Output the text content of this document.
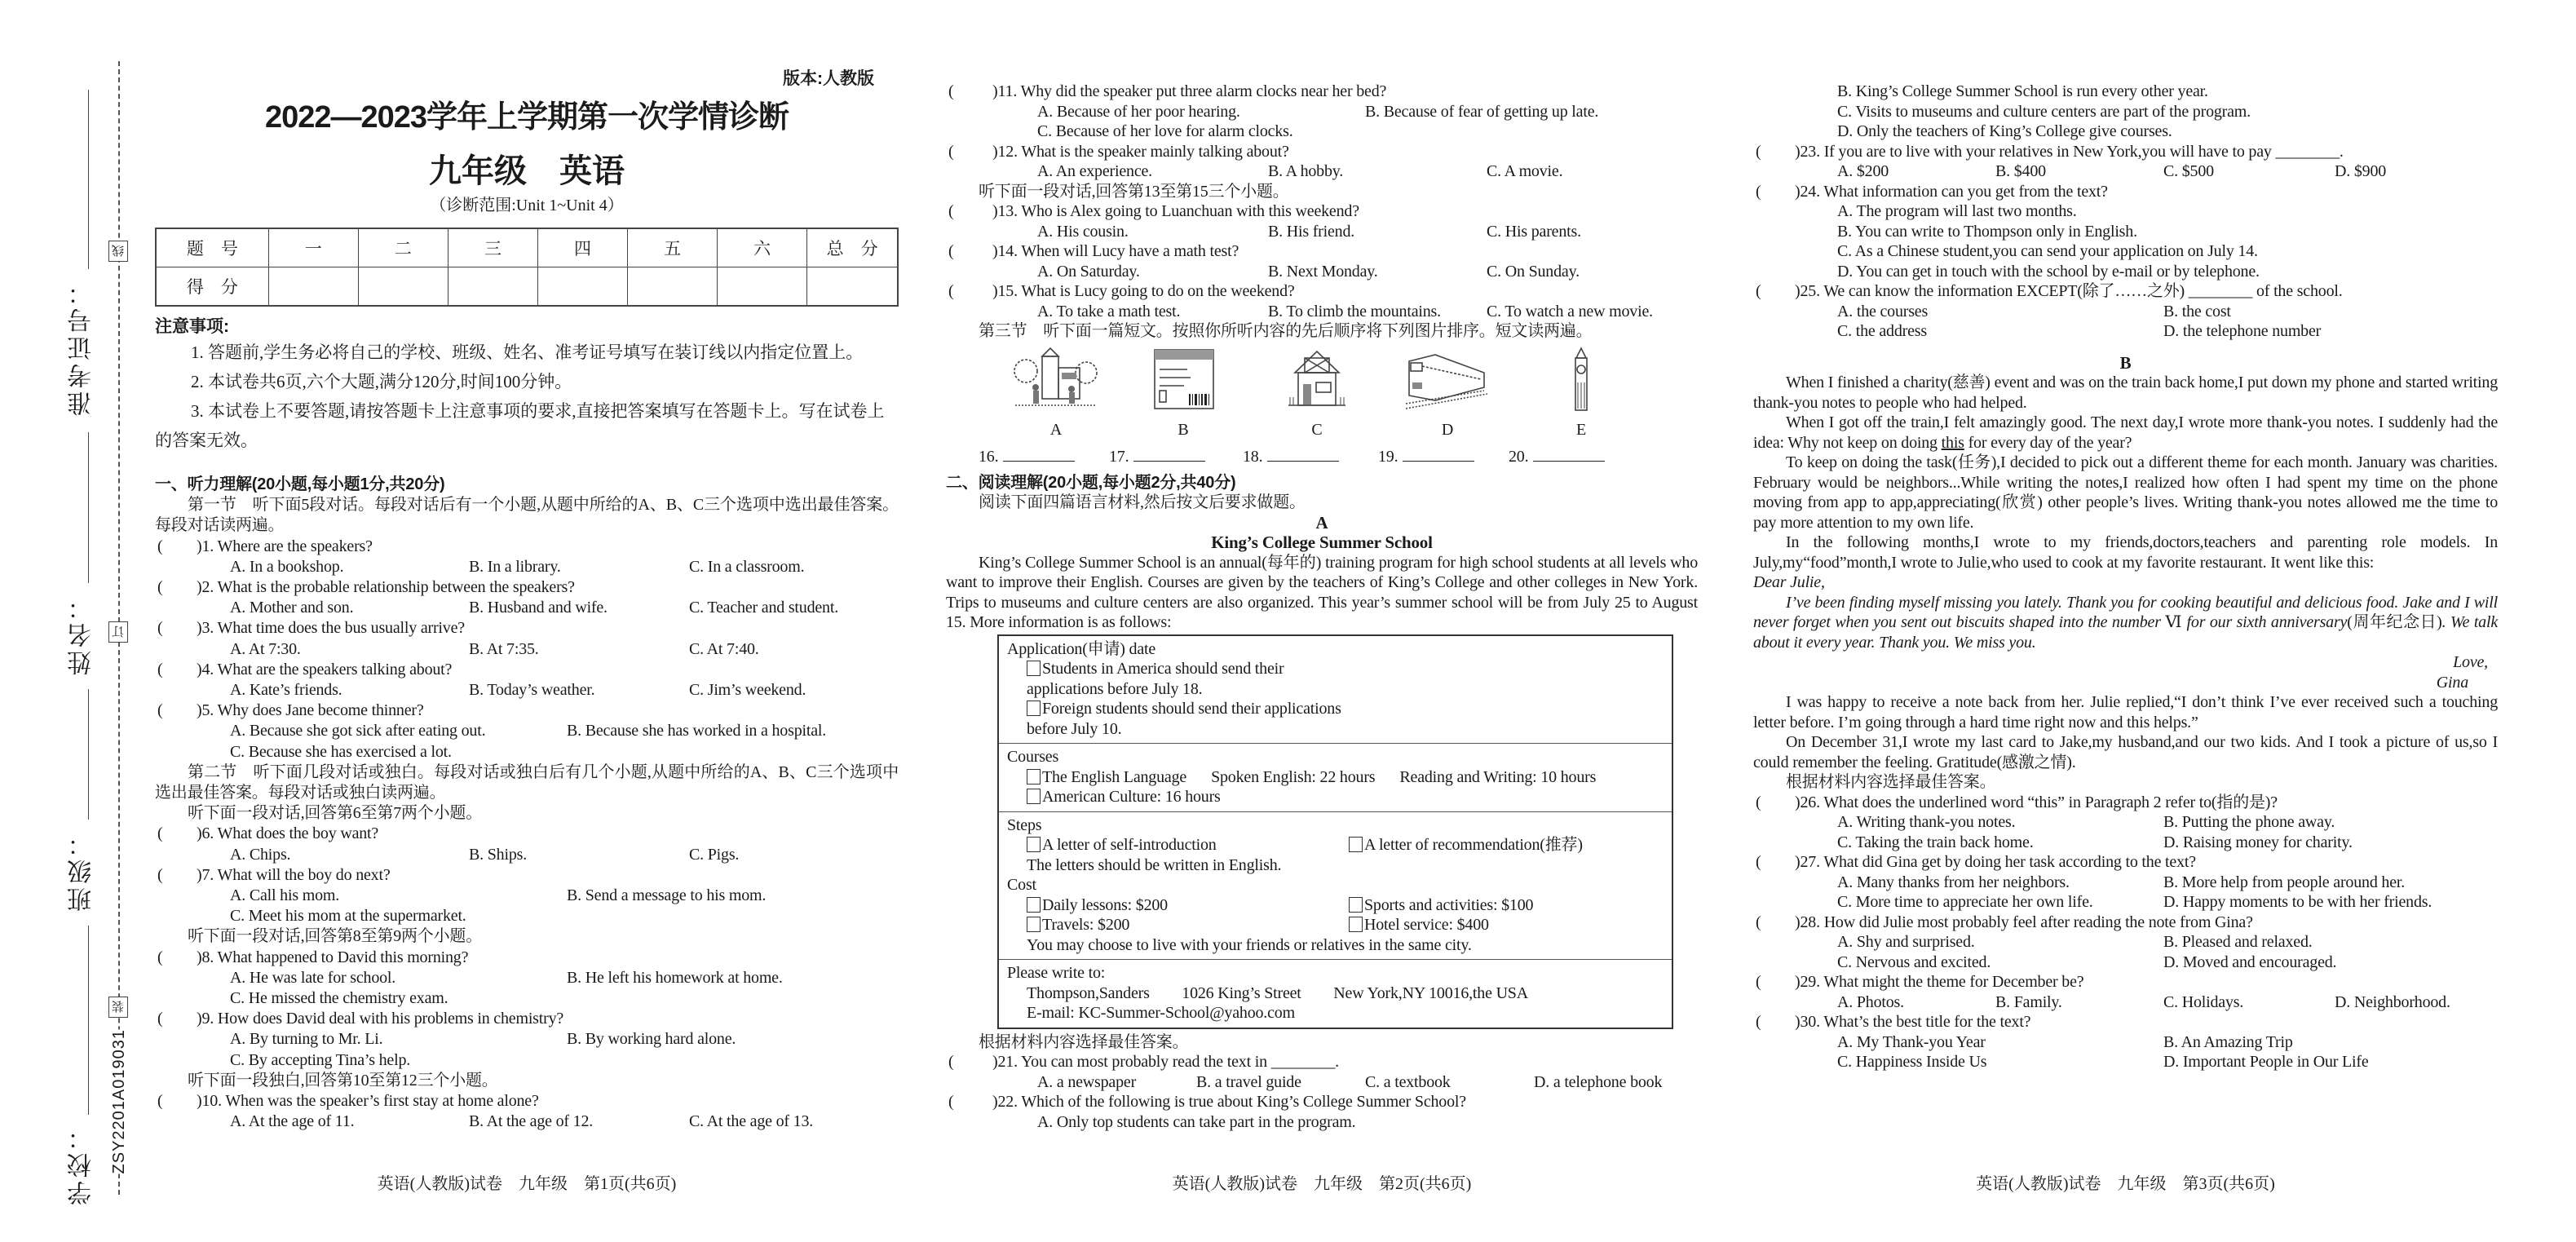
准考证号：
姓名：
班级：
学校：
线
订
装
ZSY2201A019031
版本:人教版
2022—2023学年上学期第一次学情诊断
九年级　英语
（诊断范围:Unit 1~Unit 4）
题　号	一	二	三	四	五	六	总　分
得　分							
注意事项:
1. 答题前,学生务必将自己的学校、班级、姓名、准考证号填写在装订线以内指定位置上。
2. 本试卷共6页,六个大题,满分120分,时间100分钟。
3. 本试卷上不要答题,请按答题卡上注意事项的要求,直接把答案填写在答题卡上。写在试卷上的答案无效。
一、听力理解(20小题,每小题1分,共20分)
第一节　听下面5段对话。每段对话后有一个小题,从题中所给的A、B、C三个选项中选出最佳答案。每段对话读两遍。
( ) 1 . Where are the speakers?
A. In a bookshop.	B. In a library.	C. In a classroom.
( ) 2 . What is the probable relationship between the speakers?
A. Mother and son.	B. Husband and wife.	C. Teacher and student.
( ) 3 . What time does the bus usually arrive?
A. At 7:30.	B. At 7:35.	C. At 7:40.
( ) 4 . What are the speakers talking about?
A. Kate’s friends.	B. Today’s weather.	C. Jim’s weekend.
( ) 5 . Why does Jane become thinner?
A. Because she got sick after eating out.	B. Because she has worked in a hospital.
C. Because she has exercised a lot.
第二节　听下面几段对话或独白。每段对话或独白后有几个小题,从题中所给的A、B、C三个选项中选出最佳答案。每段对话或独白读两遍。
听下面一段对话,回答第6至第7两个小题。
( ) 6 . What does the boy want?
A. Chips.	B. Ships.	C. Pigs.
( ) 7 . What will the boy do next?
A. Call his mom.	B. Send a message to his mom.
C. Meet his mom at the supermarket.
听下面一段对话,回答第8至第9两个小题。
( ) 8 . What happened to David this morning?
A. He was late for school.	B. He left his homework at home.
C. He missed the chemistry exam.
( ) 9 . How does David deal with his problems in chemistry?
A. By turning to Mr. Li.	B. By working hard alone.
C. By accepting Tina’s help.
听下面一段独白,回答第10至第12三个小题。
( ) 10 . When was the speaker’s first stay at home alone?
A. At the age of 11.	B. At the age of 12.	C. At the age of 13.
英语(人教版)试卷　九年级　第1页(共6页)
( ) 11 . Why did the speaker put three alarm clocks near her bed?
A. Because of her poor hearing.	B. Because of fear of getting up late.
C. Because of her love for alarm clocks.
( ) 12 . What is the speaker mainly talking about?
A. An experience.	B. A hobby.	C. A movie.
听下面一段对话,回答第13至第15三个小题。
( ) 13 . Who is Alex going to Luanchuan with this weekend?
A. His cousin.	B. His friend.	C. His parents.
( ) 14 . When will Lucy have a math test?
A. On Saturday.	B. Next Monday.	C. On Sunday.
( ) 15 . What is Lucy going to do on the weekend?
A. To take a math test.	B. To climb the mountains.	C. To watch a new movie.
第三节　听下面一篇短文。按照你所听内容的先后顺序将下列图片排序。短文读两遍。
A	B	C	D	E
16.	17.	18.	19.	20.
二、阅读理解(20小题,每小题2分,共40分)
阅读下面四篇语言材料,然后按文后要求做题。
A
King’s College Summer School
King’s College Summer School is an annual(每年的) training program for high school students at all levels who want to improve their English. Courses are given by the teachers of King’s College and other colleges in New York. Trips to museums and culture centers are also organized. This year’s summer school will be from July 25 to August 15. More information is as follows:
Application(申请) date
Students in America should send their applications before July 18.
Foreign students should send their applications before July 10.
Courses
The English Language Spoken English: 22 hours Reading and Writing: 10 hours
American Culture: 16 hours
Steps
A letter of self-introduction	A letter of recommendation(推荐)
The letters should be written in English.
Cost
Daily lessons: $200	Sports and activities: $100
Travels: $200	Hotel service: $400
You may choose to live with your friends or relatives in the same city.
Please write to:
Thompson,Sanders　　1026 King’s Street　　New York,NY 10016,the USA
E-mail: KC-Summer-School@yahoo.com
根据材料内容选择最佳答案。
( ) 21 . You can most probably read the text in ________.
A. a newspaper	B. a travel guide	C. a textbook	D. a telephone book
( ) 22 . Which of the following is true about King’s College Summer School?
A. Only top students can take part in the program.
英语(人教版)试卷　九年级　第2页(共6页)
B. King’s College Summer School is run every other year.
C. Visits to museums and culture centers are part of the program.
D. Only the teachers of King’s College give courses.
( ) 23 . If you are to live with your relatives in New York,you will have to pay ________.
A. $200	B. $400	C. $500	D. $900
( ) 24 . What information can you get from the text?
A. The program will last two months.
B. You can write to Thompson only in English.
C. As a Chinese student,you can send your application on July 14.
D. You can get in touch with the school by e-mail or by telephone.
( ) 25 . We can know the information EXCEPT(除了……之外) ________ of the school.
A. the courses	B. the cost
C. the address	D. the telephone number
B
When I finished a charity(慈善) event and was on the train back home,I put down my phone and started writing thank-you notes to people who had helped.
When I got off the train,I felt amazingly good. The next day,I wrote more thank-you notes. I suddenly had the idea: Why not keep on doing this for every day of the year?
To keep on doing the task(任务),I decided to pick out a different theme for each month. January was charities. February would be neighbors...While writing the notes,I realized how often I had spent my time on the phone moving from app to app,appreciating(欣赏) other people’s lives. Writing thank-you notes allowed me the time to pay more attention to my own life.
In the following months,I wrote to my friends,doctors,teachers and parenting role models. In July,my“food”month,I wrote to Julie,who used to cook at my favorite restaurant. It went like this:
Dear Julie,
I’ve been finding myself missing you lately. Thank you for cooking beautiful and delicious food. Jake and I will never forget when you sent out biscuits shaped into the number Ⅵ for our sixth anniversary(周年纪念日). We talk about it every year. Thank you. We miss you.
Love,
Gina
I was happy to receive a note back from her. Julie replied,“I don’t think I’ve ever received such a touching letter before. I’m going through a hard time right now and this helps.”
On December 31,I wrote my last card to Jake,my husband,and our two kids. And I took a picture of us,so I could remember the feeling. Gratitude(感激之情).
根据材料内容选择最佳答案。
( ) 26 . What does the underlined word “this” in Paragraph 2 refer to(指的是)?
A. Writing thank-you notes.	B. Putting the phone away.
C. Taking the train back home.	D. Raising money for charity.
( ) 27 . What did Gina get by doing her task according to the text?
A. Many thanks from her neighbors.	B. More help from people around her.
C. More time to appreciate her own life.	D. Happy moments to be with her friends.
( ) 28 . How did Julie most probably feel after reading the note from Gina?
A. Shy and surprised.	B. Pleased and relaxed.
C. Nervous and excited.	D. Moved and encouraged.
( ) 29 . What might the theme for December be?
A. Photos.	B. Family.	C. Holidays.	D. Neighborhood.
( ) 30 . What’s the best title for the text?
A. My Thank-you Year	B. An Amazing Trip
C. Happiness Inside Us	D. Important People in Our Life
英语(人教版)试卷　九年级　第3页(共6页)
